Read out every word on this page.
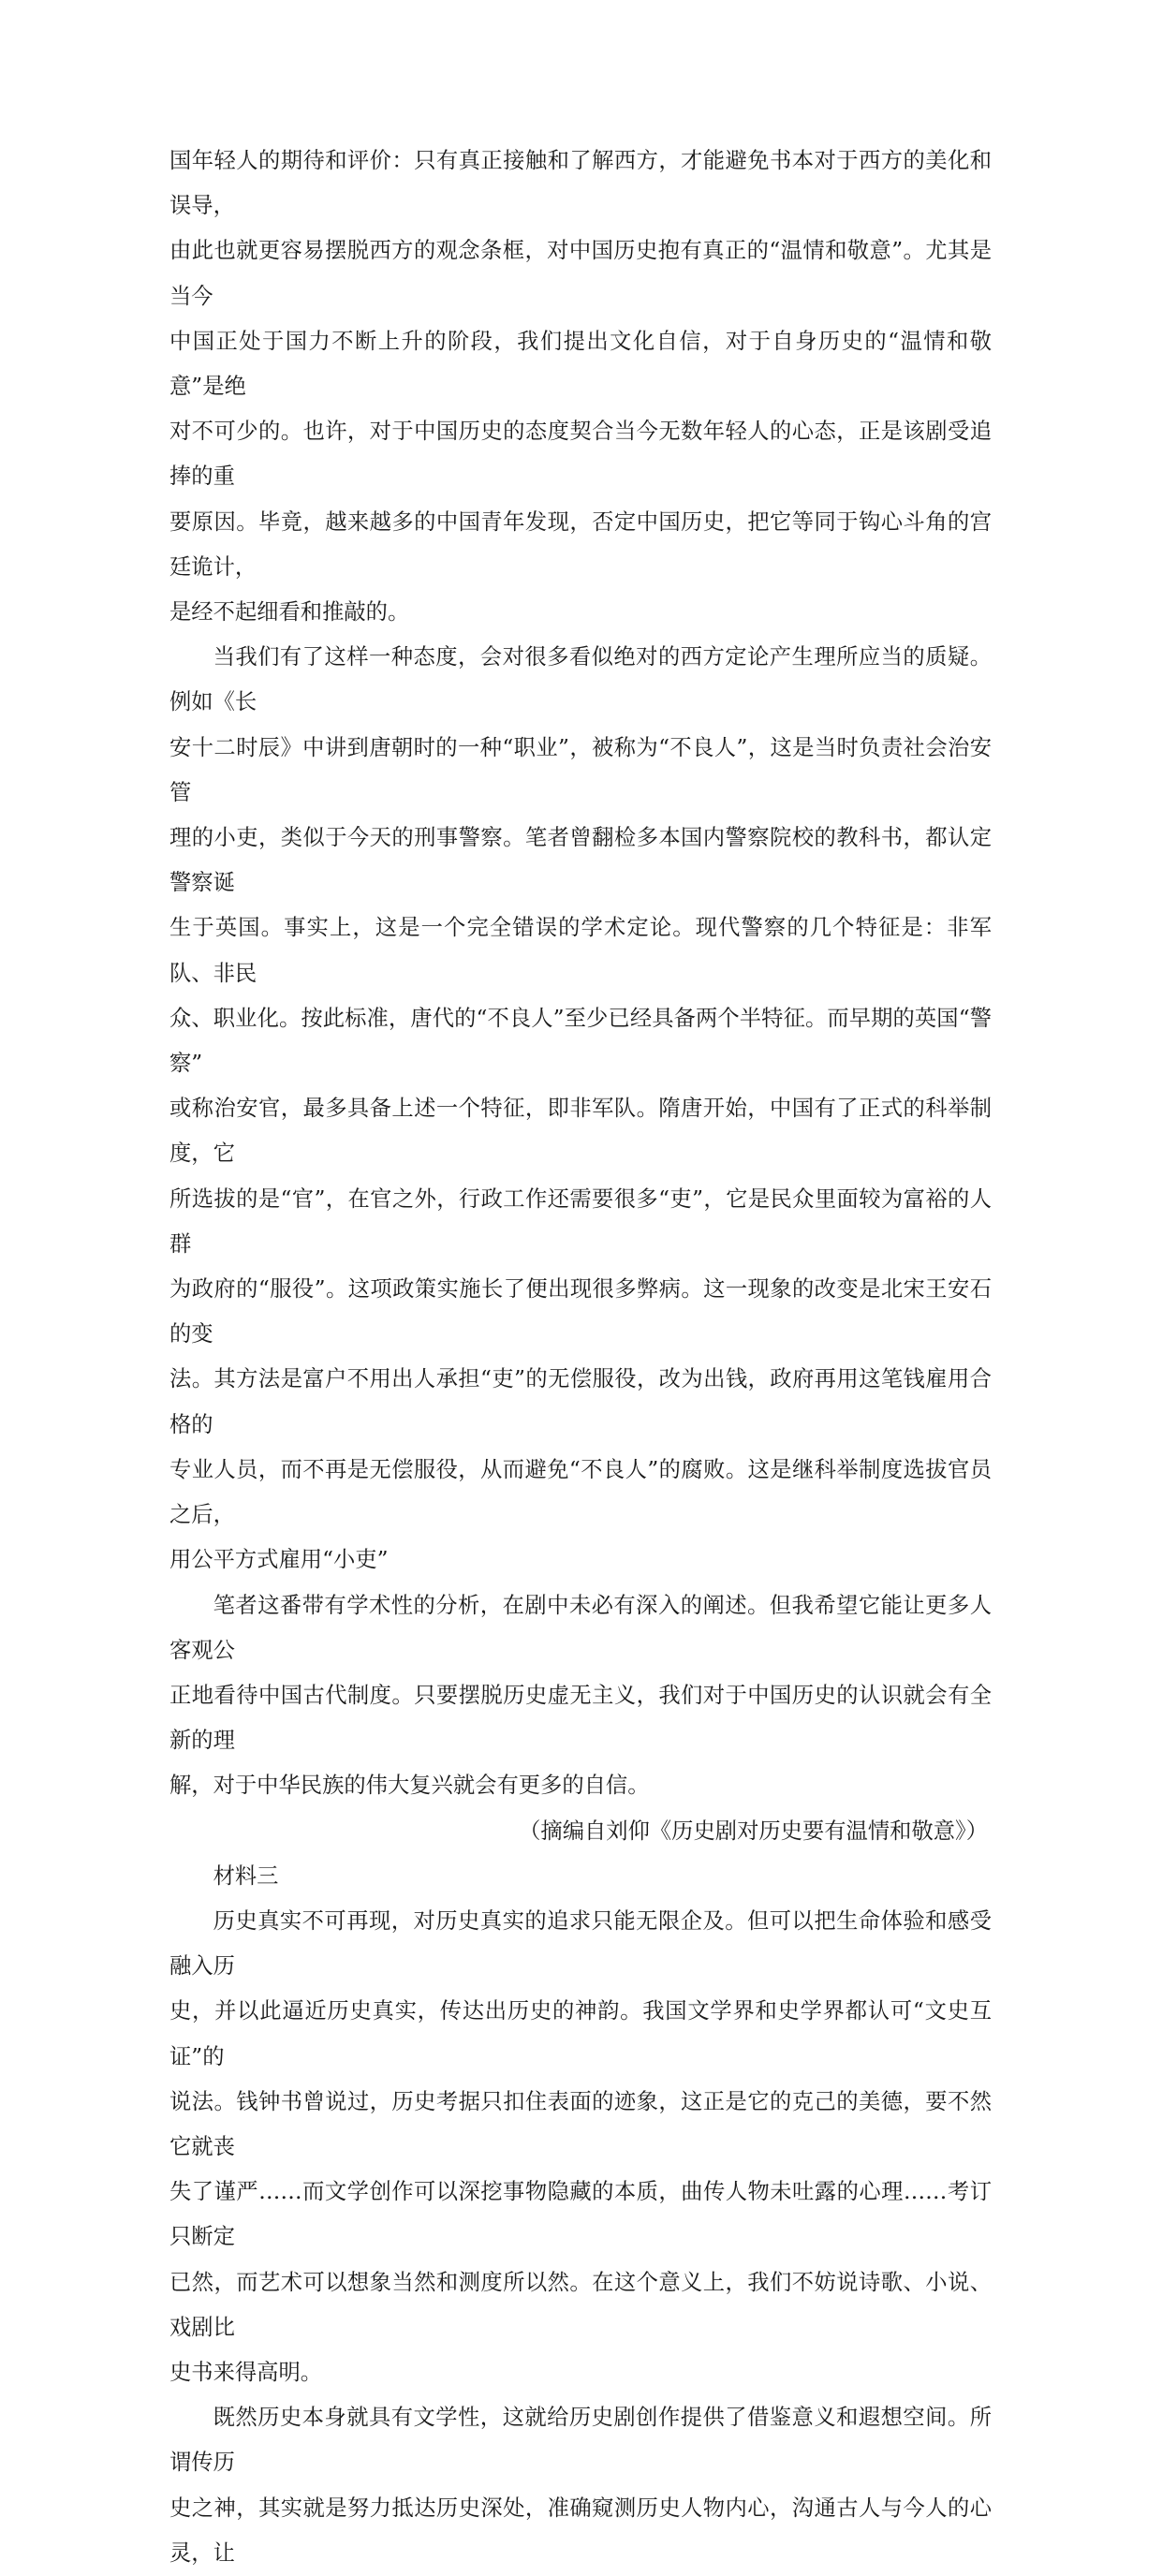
国年轻人的期待和评价：只有真正接触和了解西方，才能避免书本对于西方的美化和误导，
由此也就更容易摆脱西方的观念条框，对中国历史抱有真正的“温情和敬意”。尤其是当今
中国正处于国力不断上升的阶段，我们提出文化自信，对于自身历史的“温情和敬意”是绝
对不可少的。也许，对于中国历史的态度契合当今无数年轻人的心态，正是该剧受追捧的重
要原因。毕竟，越来越多的中国青年发现，否定中国历史，把它等同于钩心斗角的宫廷诡计，
是经不起细看和推敲的。

当我们有了这样一种态度，会对很多看似绝对的西方定论产生理所应当的质疑。例如《长
安十二时辰》中讲到唐朝时的一种“职业”，被称为“不良人”，这是当时负责社会治安管
理的小吏，类似于今天的刑事警察。笔者曾翻检多本国内警察院校的教科书，都认定警察诞
生于英国。事实上，这是一个完全错误的学术定论。现代警察的几个特征是：非军队、非民
众、职业化。按此标准，唐代的“不良人”至少已经具备两个半特征。而早期的英国“警察”
或称治安官，最多具备上述一个特征，即非军队。隋唐开始，中国有了正式的科举制度，它
所选拔的是“官”，在官之外，行政工作还需要很多“吏”，它是民众里面较为富裕的人群
为政府的“服役”。这项政策实施长了便出现很多弊病。这一现象的改变是北宋王安石的变
法。其方法是富户不用出人承担“吏”的无偿服役，改为出钱，政府再用这笔钱雇用合格的
专业人员，而不再是无偿服役，从而避免“不良人”的腐败。这是继科举制度选拔官员之后，
用公平方式雇用“小吏”

笔者这番带有学术性的分析，在剧中未必有深入的阐述。但我希望它能让更多人客观公
正地看待中国古代制度。只要摆脱历史虚无主义，我们对于中国历史的认识就会有全新的理
解，对于中华民族的伟大复兴就会有更多的自信。

（摘编自刘仰《历史剧对历史要有温情和敬意》）

材料三

历史真实不可再现，对历史真实的追求只能无限企及。但可以把生命体验和感受融入历
史，并以此逼近历史真实，传达出历史的神韵。我国文学界和史学界都认可“文史互证”的
说法。钱钟书曾说过，历史考据只扣住表面的迹象，这正是它的克己的美德，要不然它就丧
失了谨严……而文学创作可以深挖事物隐藏的本质，曲传人物未吐露的心理……考订只断定
已然，而艺术可以想象当然和测度所以然。在这个意义上，我们不妨说诗歌、小说、戏剧比
史书来得高明。

既然历史本身就具有文学性，这就给历史剧创作提供了借鉴意义和遐想空间。所谓传历
史之神，其实就是努力抵达历史深处，准确窥测历史人物内心，沟通古人与今人的心灵，让
